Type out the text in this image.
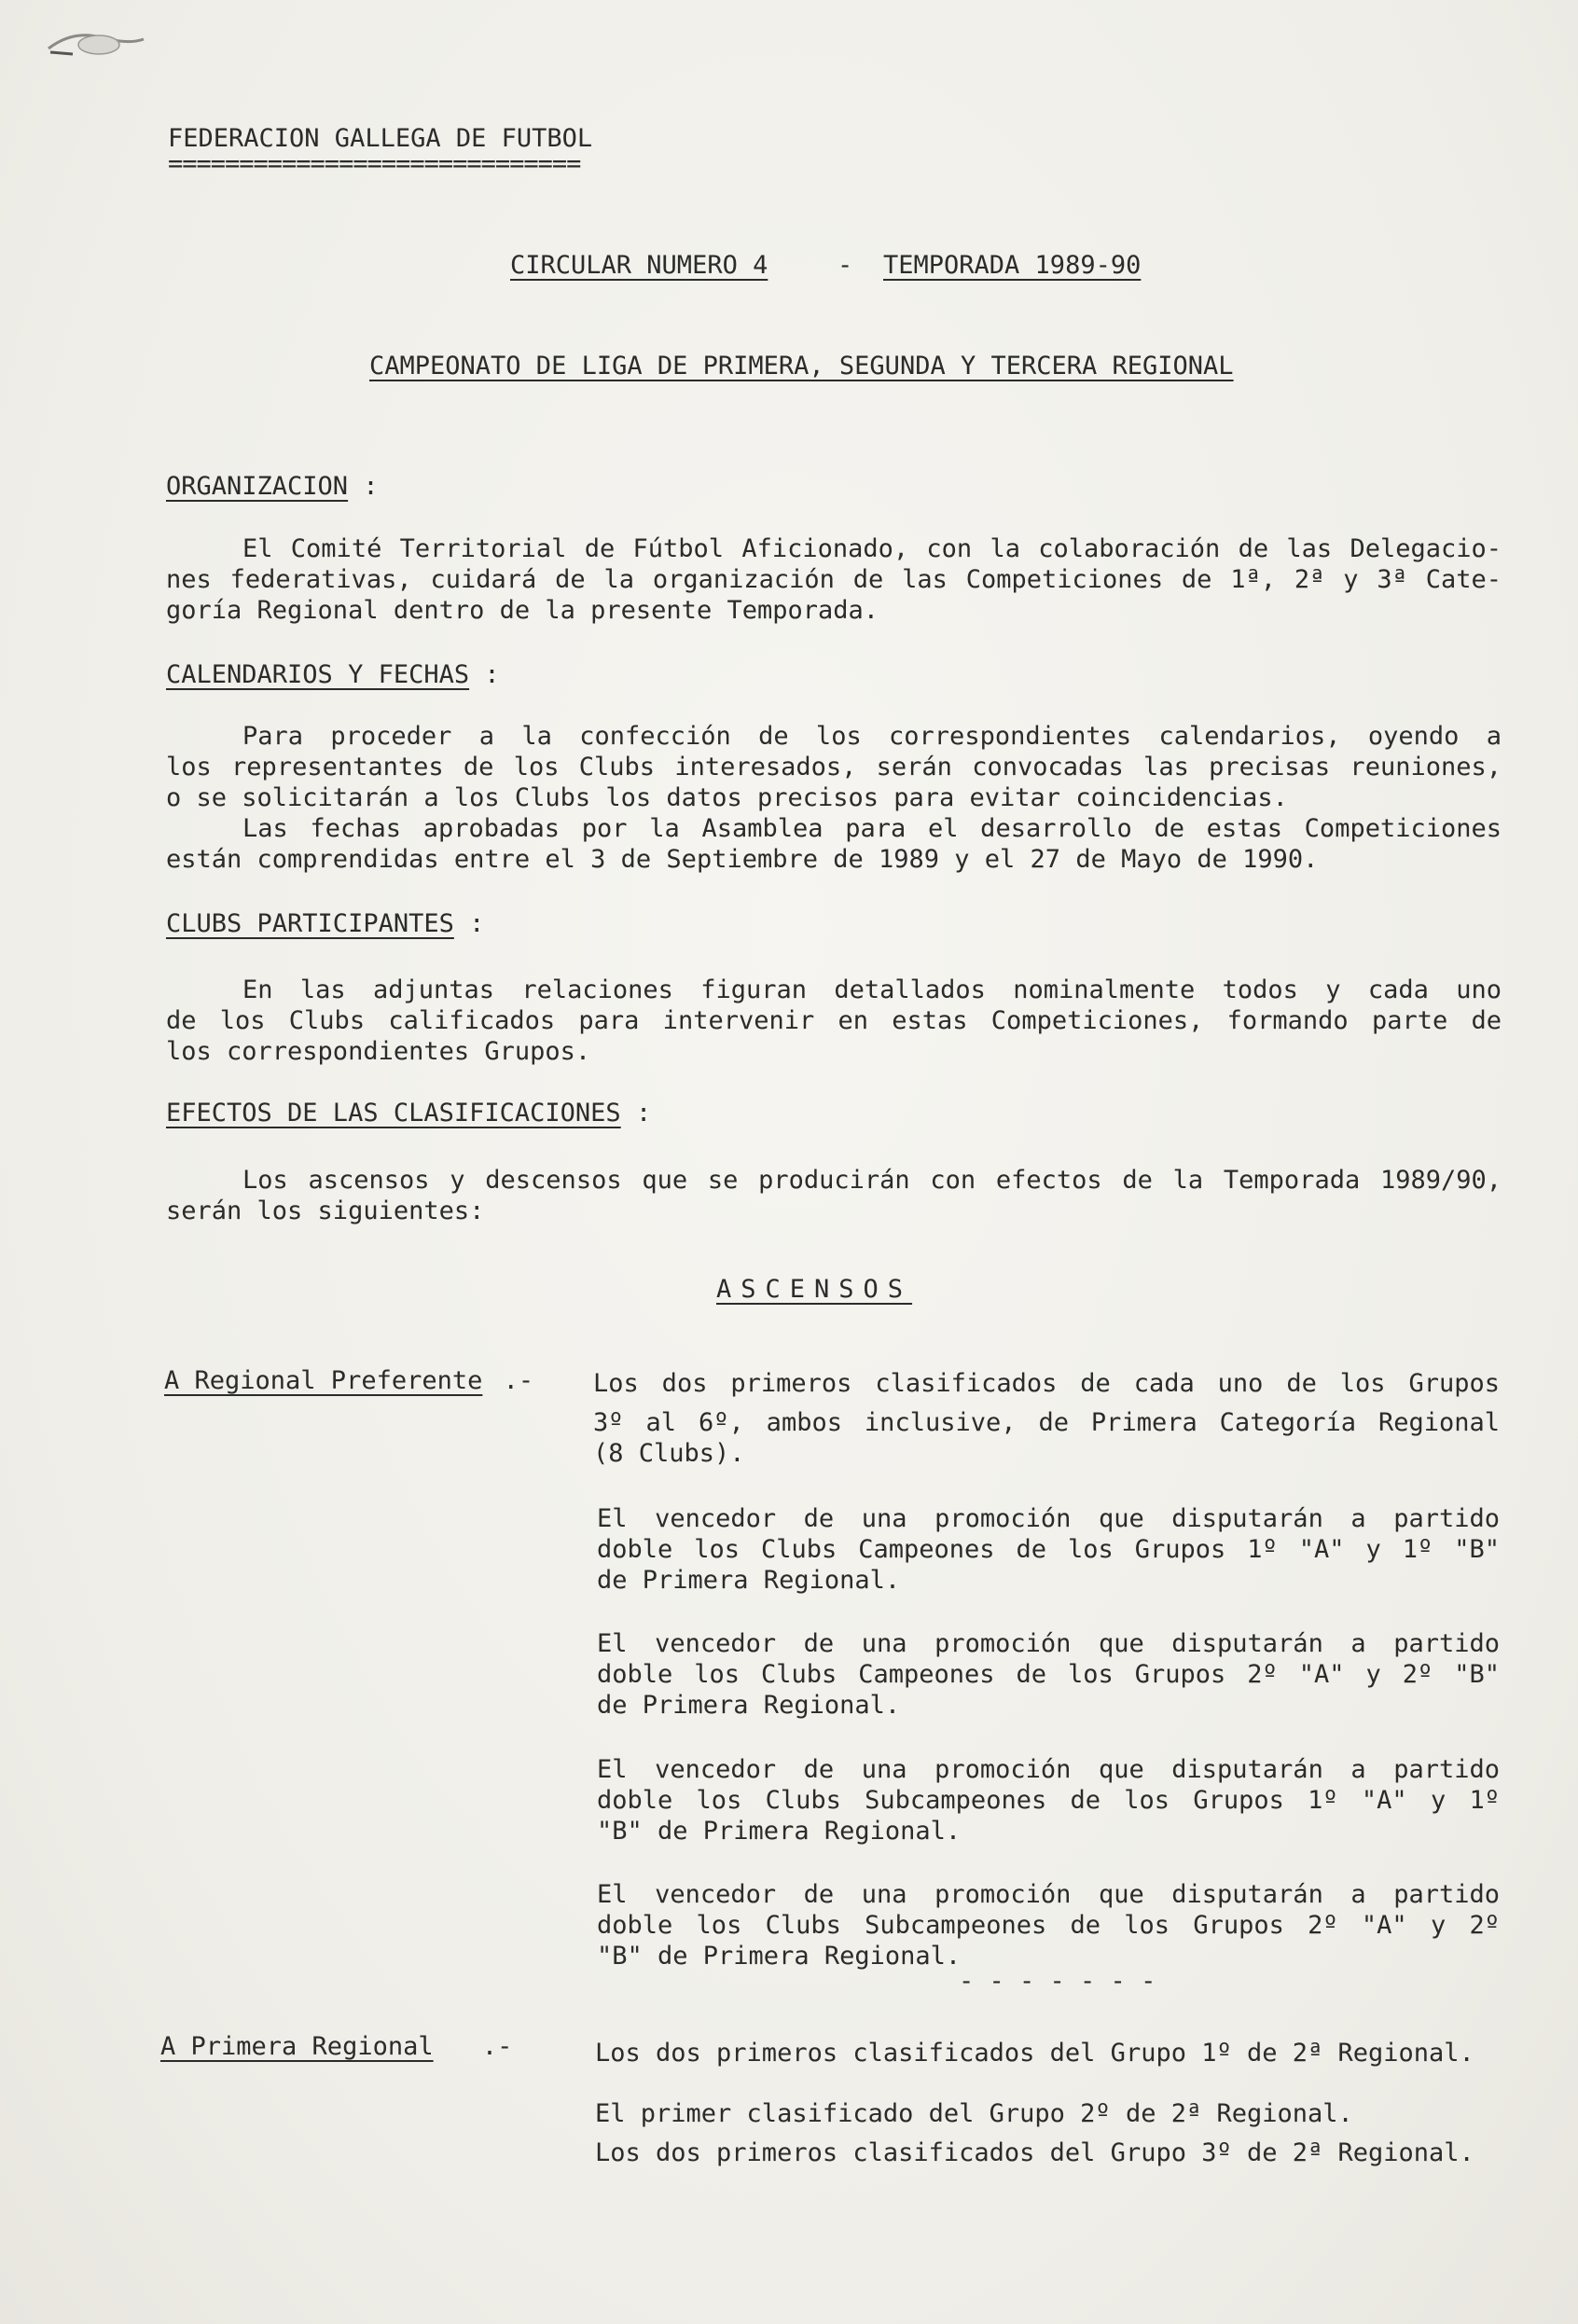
FEDERACION GALLEGA DE FUTBOL
=============================
CIRCULAR NUMERO 4	- TEMPORADA 1989-90
CAMPEONATO DE LIGA DE PRIMERA, SEGUNDA Y TERCERA REGIONAL
ORGANIZACION :
El Comité Territorial de Fútbol Aficionado, con la colaboración de las Delegacio-
nes federativas, cuidará de la organización de las Competiciones de 1ª, 2ª y 3ª Cate-
goría Regional dentro de la presente Temporada.
CALENDARIOS Y FECHAS :
Para proceder a la confección de los correspondientes calendarios, oyendo a
los representantes de los Clubs interesados, serán convocadas las precisas reuniones,
o se solicitarán a los Clubs los datos precisos para evitar coincidencias.
Las fechas aprobadas por la Asamblea para el desarrollo de estas Competiciones
están comprendidas entre el 3 de Septiembre de 1989 y el 27 de Mayo de 1990.
CLUBS PARTICIPANTES :
En las adjuntas relaciones figuran detallados nominalmente todos y cada uno
de los Clubs calificados para intervenir en estas Competiciones, formando parte de
los correspondientes Grupos.
EFECTOS DE LAS CLASIFICACIONES :
Los ascensos y descensos que se producirán con efectos de la Temporada 1989/90,
serán los siguientes:
ASCENSOS
A Regional Preferente .- Los dos primeros clasificados de cada uno de los Grupos
3º al 6º, ambos inclusive, de Primera Categoría Regional
(8 Clubs).
El vencedor de una promoción que disputarán a partido
doble los Clubs Campeones de los Grupos 1º "A" y 1º "B"
de Primera Regional.
El vencedor de una promoción que disputarán a partido
doble los Clubs Campeones de los Grupos 2º "A" y 2º "B"
de Primera Regional.
El vencedor de una promoción que disputarán a partido
doble los Clubs Subcampeones de los Grupos 1º "A" y 1º
"B" de Primera Regional.
El vencedor de una promoción que disputarán a partido
doble los Clubs Subcampeones de los Grupos 2º "A" y 2º
"B" de Primera Regional.
- - - - - - -
A Primera Regional .-	Los dos primeros clasificados del Grupo 1º de 2ª Regional.
El primer clasificado del Grupo 2º de 2ª Regional.
Los dos primeros clasificados del Grupo 3º de 2ª Regional.
